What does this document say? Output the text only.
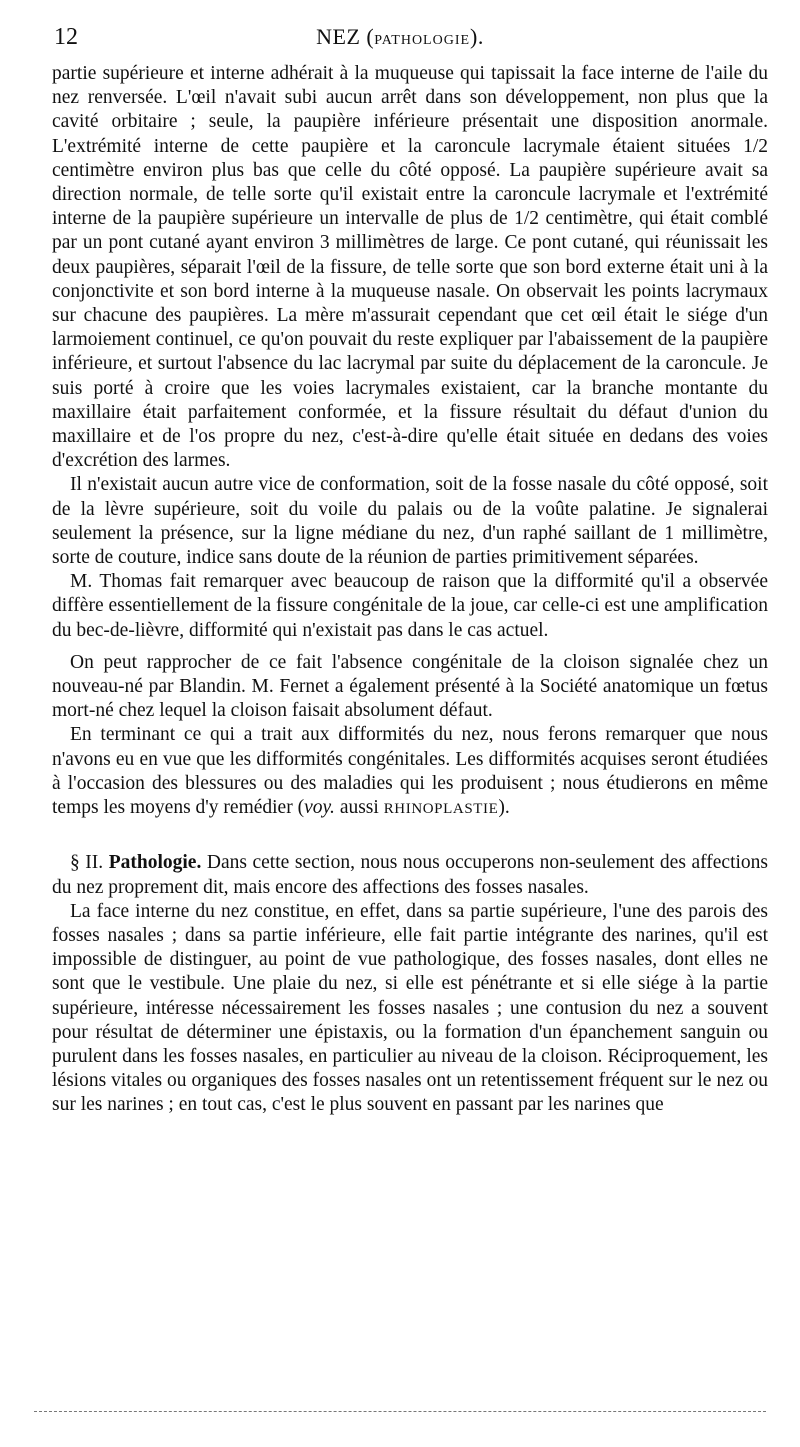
12	NEZ (PATHOLOGIE).

partie supérieure et interne adhérait à la muqueuse qui tapissait la face interne de l'aile du nez renversée. L'œil n'avait subi aucun arrêt dans son développement, non plus que la cavité orbitaire ; seule, la paupière inférieure présentait une disposition anormale. L'extrémité interne de cette paupière et la caroncule lacrymale étaient situées 1/2 centimètre environ plus bas que celle du côté opposé. La paupière supérieure avait sa direction normale, de telle sorte qu'il existait entre la caroncule lacrymale et l'extrémité interne de la paupière supérieure un intervalle de plus de 1/2 centimètre, qui était comblé par un pont cutané ayant environ 3 millimètres de large. Ce pont cutané, qui réunissait les deux paupières, séparait l'œil de la fissure, de telle sorte que son bord externe était uni à la conjonctivite et son bord interne à la muqueuse nasale. On observait les points lacrymaux sur chacune des paupières. La mère m'assurait cependant que cet œil était le siége d'un larmoiement continuel, ce qu'on pouvait du reste expliquer par l'abaissement de la paupière inférieure, et surtout l'absence du lac lacrymal par suite du déplacement de la caroncule. Je suis porté à croire que les voies lacrymales existaient, car la branche montante du maxillaire était parfaitement conformée, et la fissure résultait du défaut d'union du maxillaire et de l'os propre du nez, c'est-à-dire qu'elle était située en dedans des voies d'excrétion des larmes.

Il n'existait aucun autre vice de conformation, soit de la fosse nasale du côté opposé, soit de la lèvre supérieure, soit du voile du palais ou de la voûte palatine. Je signalerai seulement la présence, sur la ligne médiane du nez, d'un raphé saillant de 1 millimètre, sorte de couture, indice sans doute de la réunion de parties primitivement séparées.

M. Thomas fait remarquer avec beaucoup de raison que la difformité qu'il a observée diffère essentiellement de la fissure congénitale de la joue, car celle-ci est une amplification du bec-de-lièvre, difformité qui n'existait pas dans le cas actuel.

On peut rapprocher de ce fait l'absence congénitale de la cloison signalée chez un nouveau-né par Blandin. M. Fernet a également présenté à la Société anatomique un fœtus mort-né chez lequel la cloison faisait absolument défaut.

En terminant ce qui a trait aux difformités du nez, nous ferons remarquer que nous n'avons eu en vue que les difformités congénitales. Les difformités acquises seront étudiées à l'occasion des blessures ou des maladies qui les produisent ; nous étudierons en même temps les moyens d'y remédier (voy. aussi RHINOPLASTIE).

§ II. Pathologie. Dans cette section, nous nous occuperons non-seulement des affections du nez proprement dit, mais encore des affections des fosses nasales.

La face interne du nez constitue, en effet, dans sa partie supérieure, l'une des parois des fosses nasales ; dans sa partie inférieure, elle fait partie intégrante des narines, qu'il est impossible de distinguer, au point de vue pathologique, des fosses nasales, dont elles ne sont que le vestibule. Une plaie du nez, si elle est pénétrante et si elle siége à la partie supérieure, intéresse nécessairement les fosses nasales ; une contusion du nez a souvent pour résultat de déterminer une épistaxis, ou la formation d'un épanchement sanguin ou purulent dans les fosses nasales, en particulier au niveau de la cloison. Réciproquement, les lésions vitales ou organiques des fosses nasales ont un retentissement fréquent sur le nez ou sur les narines ; en tout cas, c'est le plus souvent en passant par les narines que
